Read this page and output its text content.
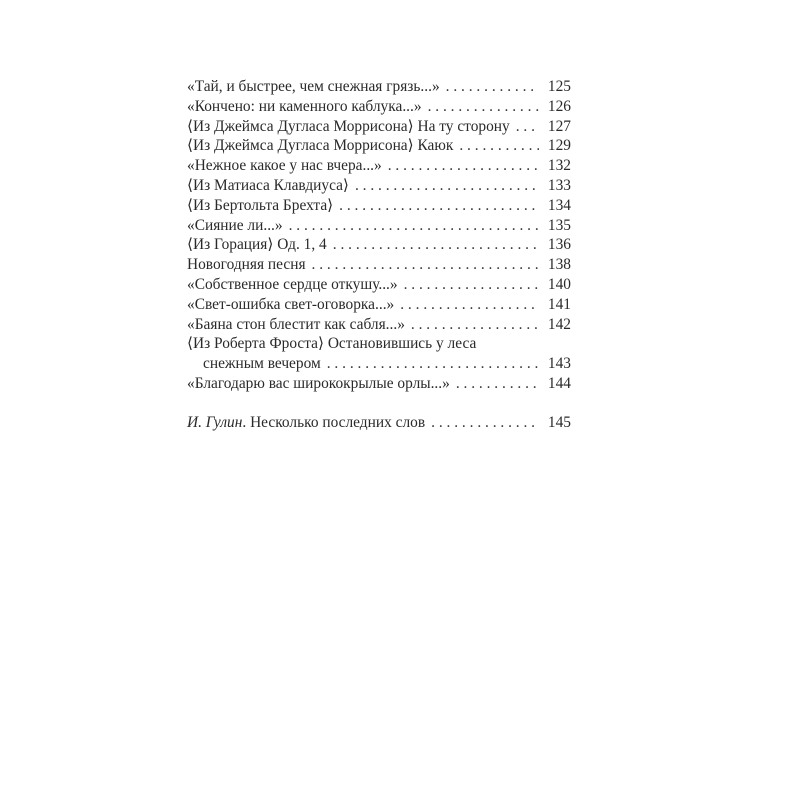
«Тай, и быстрее, чем снежная грязь...» . . .	125
«Кончено: ни каменного каблука...» . . .	126
⟨Из Джеймса Дугласа Моррисона⟩ На ту сторону . . . 127
⟨Из Джеймса Дугласа Моррисона⟩ Каюк . . .	129
«Нежное какое у нас вчера...» . . .	132
⟨Из Матиаса Клавдиуса⟩ . . .	133
⟨Из Бертольта Брехта⟩ . . .	134
«Сияние ли...» . . .	135
⟨Из Горация⟩ Од. 1, 4 . . .	136
Новогодняя песня . . .	138
«Собственное сердце откушу...» . . .	140
«Свет-ошибка свет-оговорка...» . . .	141
«Баяна стон блестит как сабля...» . . .	142
⟨Из Роберта Фроста⟩ Остановившись у леса
снежным вечером . . .	143
«Благодарю вас ширококрылые орлы...» . . .	144
И. Гулин. Несколько последних слов . . .	145
